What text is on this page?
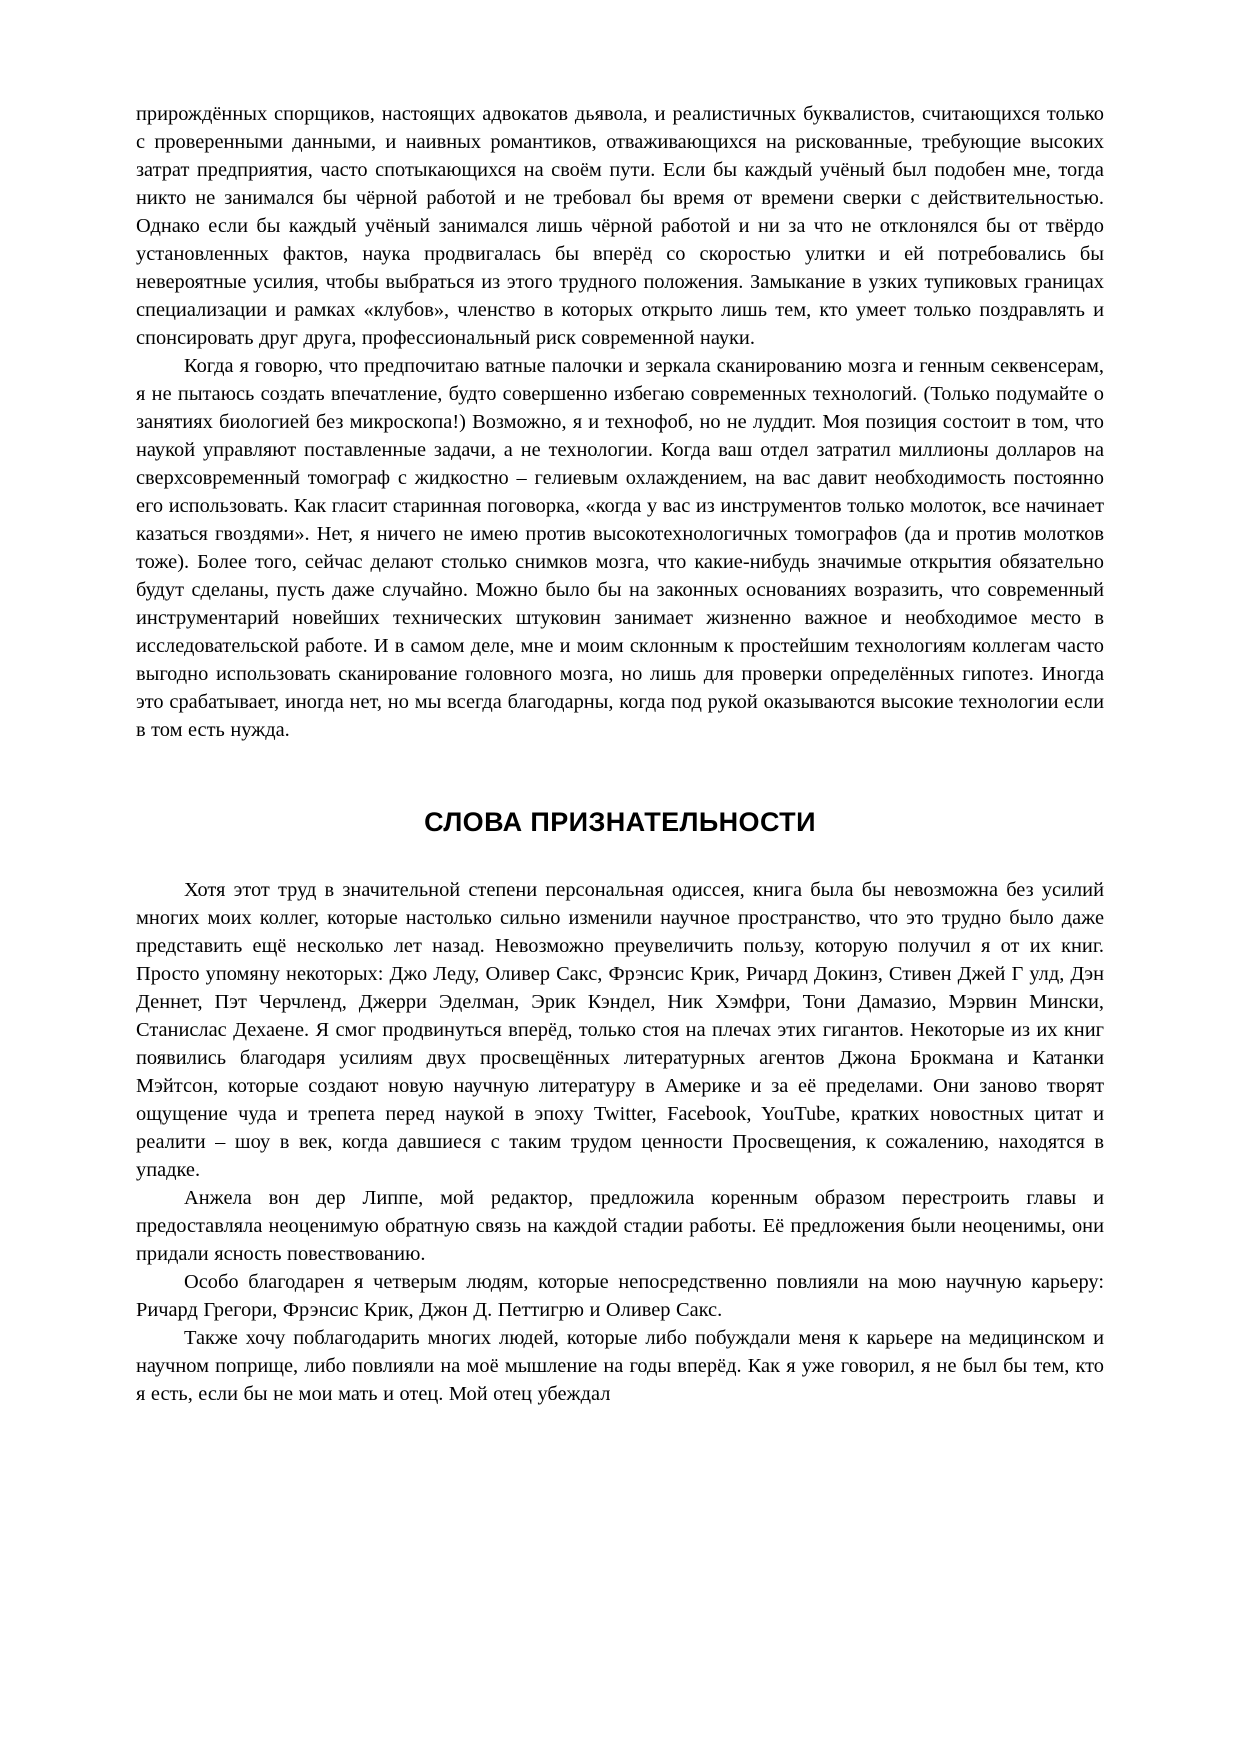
прирождённых спорщиков, настоящих адвокатов дьявола, и реалистичных буквалистов, считающихся только с проверенными данными, и наивных романтиков, отваживающихся на рискованные, требующие высоких затрат предприятия, часто спотыкающихся на своём пути. Если бы каждый учёный был подобен мне, тогда никто не занимался бы чёрной работой и не требовал бы время от времени сверки с действительностью. Однако если бы каждый учёный занимался лишь чёрной работой и ни за что не отклонялся бы от твёрдо установленных фактов, наука продвигалась бы вперёд со скоростью улитки и ей потребовались бы невероятные усилия, чтобы выбраться из этого трудного положения. Замыкание в узких тупиковых границах специализации и рамках «клубов», членство в которых открыто лишь тем, кто умеет только поздравлять и спонсировать друг друга, профессиональный риск современной науки.

Когда я говорю, что предпочитаю ватные палочки и зеркала сканированию мозга и генным секвенсерам, я не пытаюсь создать впечатление, будто совершенно избегаю современных технологий. (Только подумайте о занятиях биологией без микроскопа!) Возможно, я и технофоб, но не луддит. Моя позиция состоит в том, что наукой управляют поставленные задачи, а не технологии. Когда ваш отдел затратил миллионы долларов на сверхсовременный томограф с жидкостно – гелиевым охлаждением, на вас давит необходимость постоянно его использовать. Как гласит старинная поговорка, «когда у вас из инструментов только молоток, все начинает казаться гвоздями». Нет, я ничего не имею против высокотехнологичных томографов (да и против молотков тоже). Более того, сейчас делают столько снимков мозга, что какие-нибудь значимые открытия обязательно будут сделаны, пусть даже случайно. Можно было бы на законных основаниях возразить, что современный инструментарий новейших технических штуковин занимает жизненно важное и необходимое место в исследовательской работе. И в самом деле, мне и моим склонным к простейшим технологиям коллегам часто выгодно использовать сканирование головного мозга, но лишь для проверки определённых гипотез. Иногда это срабатывает, иногда нет, но мы всегда благодарны, когда под рукой оказываются высокие технологии если в том есть нужда.

СЛОВА ПРИЗНАТЕЛЬНОСТИ

Хотя этот труд в значительной степени персональная одиссея, книга была бы невозможна без усилий многих моих коллег, которые настолько сильно изменили научное пространство, что это трудно было даже представить ещё несколько лет назад. Невозможно преувеличить пользу, которую получил я от их книг. Просто упомяну некоторых: Джо Леду, Оливер Сакс, Фрэнсис Крик, Ричард Докинз, Стивен Джей Г улд, Дэн Деннет, Пэт Черчленд, Джерри Эделман, Эрик Кэндел, Ник Хэмфри, Тони Дамазио, Мэрвин Мински, Станислас Дехаене. Я смог продвинуться вперёд, только стоя на плечах этих гигантов. Некоторые из их книг появились благодаря усилиям двух просвещённых литературных агентов Джона Брокмана и Катанки Мэйтсон, которые создают новую научную литературу в Америке и за её пределами. Они заново творят ощущение чуда и трепета перед наукой в эпоху Twitter, Facebook, YouTube, кратких новостных цитат и реалити – шоу в век, когда давшиеся с таким трудом ценности Просвещения, к сожалению, находятся в упадке.

Анжела вон дер Липпе, мой редактор, предложила коренным образом перестроить главы и предоставляла неоценимую обратную связь на каждой стадии работы. Её предложения были неоценимы, они придали ясность повествованию.

Особо благодарен я четверым людям, которые непосредственно повлияли на мою научную карьеру: Ричард Грегори, Фрэнсис Крик, Джон Д. Петтигрю и Оливер Сакс.

Также хочу поблагодарить многих людей, которые либо побуждали меня к карьере на медицинском и научном поприще, либо повлияли на моё мышление на годы вперёд. Как я уже говорил, я не был бы тем, кто я есть, если бы не мои мать и отец. Мой отец убеждал
